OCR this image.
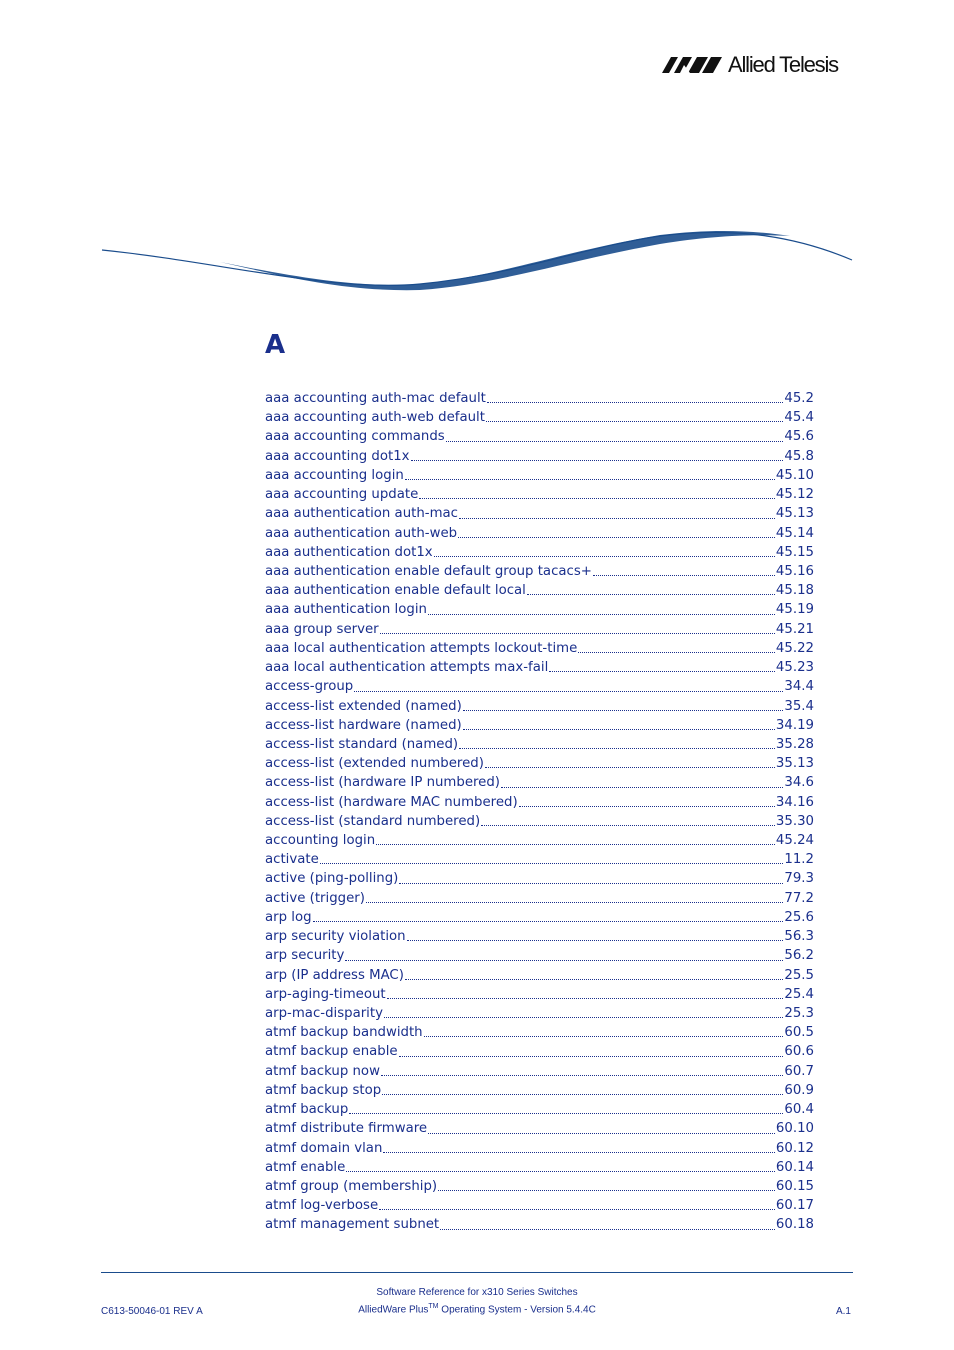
Allied Telesis
A
aaa accounting auth-mac default	45.2
aaa accounting auth-web default	45.4
aaa accounting commands	45.6
aaa accounting dot1x	45.8
aaa accounting login	45.10
aaa accounting update	45.12
aaa authentication auth-mac	45.13
aaa authentication auth-web	45.14
aaa authentication dot1x	45.15
aaa authentication enable default group tacacs+	45.16
aaa authentication enable default local	45.18
aaa authentication login	45.19
aaa group server	45.21
aaa local authentication attempts lockout-time	45.22
aaa local authentication attempts max-fail	45.23
access-group	34.4
access-list extended (named)	35.4
access-list hardware (named)	34.19
access-list standard (named)	35.28
access-list (extended numbered)	35.13
access-list (hardware IP numbered)	34.6
access-list (hardware MAC numbered)	34.16
access-list (standard numbered)	35.30
accounting login	45.24
activate	11.2
active (ping-polling)	79.3
active (trigger)	77.2
arp log	25.6
arp security violation	56.3
arp security	56.2
arp (IP address MAC)	25.5
arp-aging-timeout	25.4
arp-mac-disparity	25.3
atmf backup bandwidth	60.5
atmf backup enable	60.6
atmf backup now	60.7
atmf backup stop	60.9
atmf backup	60.4
atmf distribute firmware	60.10
atmf domain vlan	60.12
atmf enable	60.14
atmf group (membership)	60.15
atmf log-verbose	60.17
atmf management subnet	60.18
Software Reference for x310 Series Switches
C613-50046-01 REV A	AlliedWare Plus™ Operating System - Version 5.4.4C	A.1
